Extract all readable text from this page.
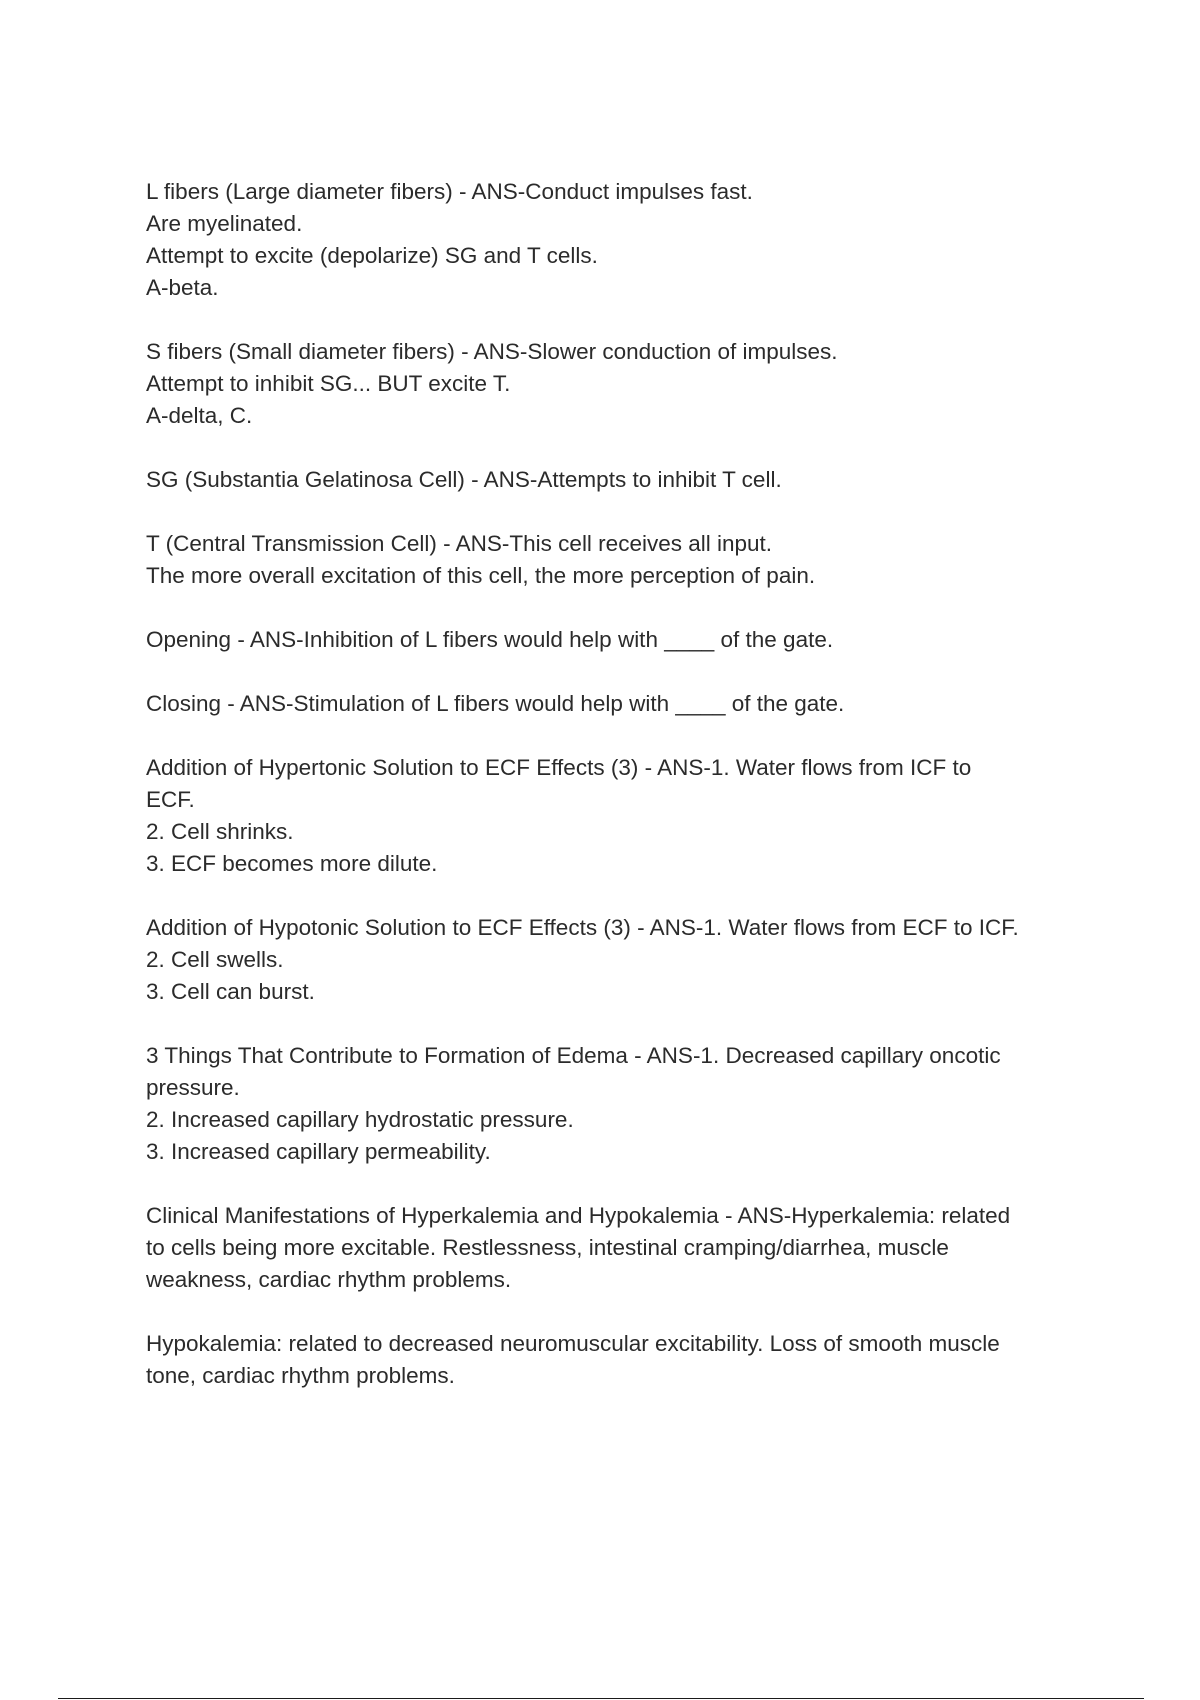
L fibers (Large diameter fibers) - ANS-Conduct impulses fast.
Are myelinated.
Attempt to excite (depolarize) SG and T cells.
A-beta.
S fibers (Small diameter fibers) - ANS-Slower conduction of impulses.
Attempt to inhibit SG... BUT excite T.
A-delta, C.
SG (Substantia Gelatinosa Cell) - ANS-Attempts to inhibit T cell.
T (Central Transmission Cell) - ANS-This cell receives all input.
The more overall excitation of this cell, the more perception of pain.
Opening - ANS-Inhibition of L fibers would help with ____ of the gate.
Closing - ANS-Stimulation of L fibers would help with ____ of the gate.
Addition of Hypertonic Solution to ECF Effects (3) - ANS-1. Water flows from ICF to
ECF.
2. Cell shrinks.
3. ECF becomes more dilute.
Addition of Hypotonic Solution to ECF Effects (3) - ANS-1. Water flows from ECF to ICF.
2. Cell swells.
3. Cell can burst.
3 Things That Contribute to Formation of Edema - ANS-1. Decreased capillary oncotic
pressure.
2. Increased capillary hydrostatic pressure.
3. Increased capillary permeability.
Clinical Manifestations of Hyperkalemia and Hypokalemia - ANS-Hyperkalemia: related
to cells being more excitable. Restlessness, intestinal cramping/diarrhea, muscle
weakness, cardiac rhythm problems.
Hypokalemia: related to decreased neuromuscular excitability. Loss of smooth muscle
tone, cardiac rhythm problems.
